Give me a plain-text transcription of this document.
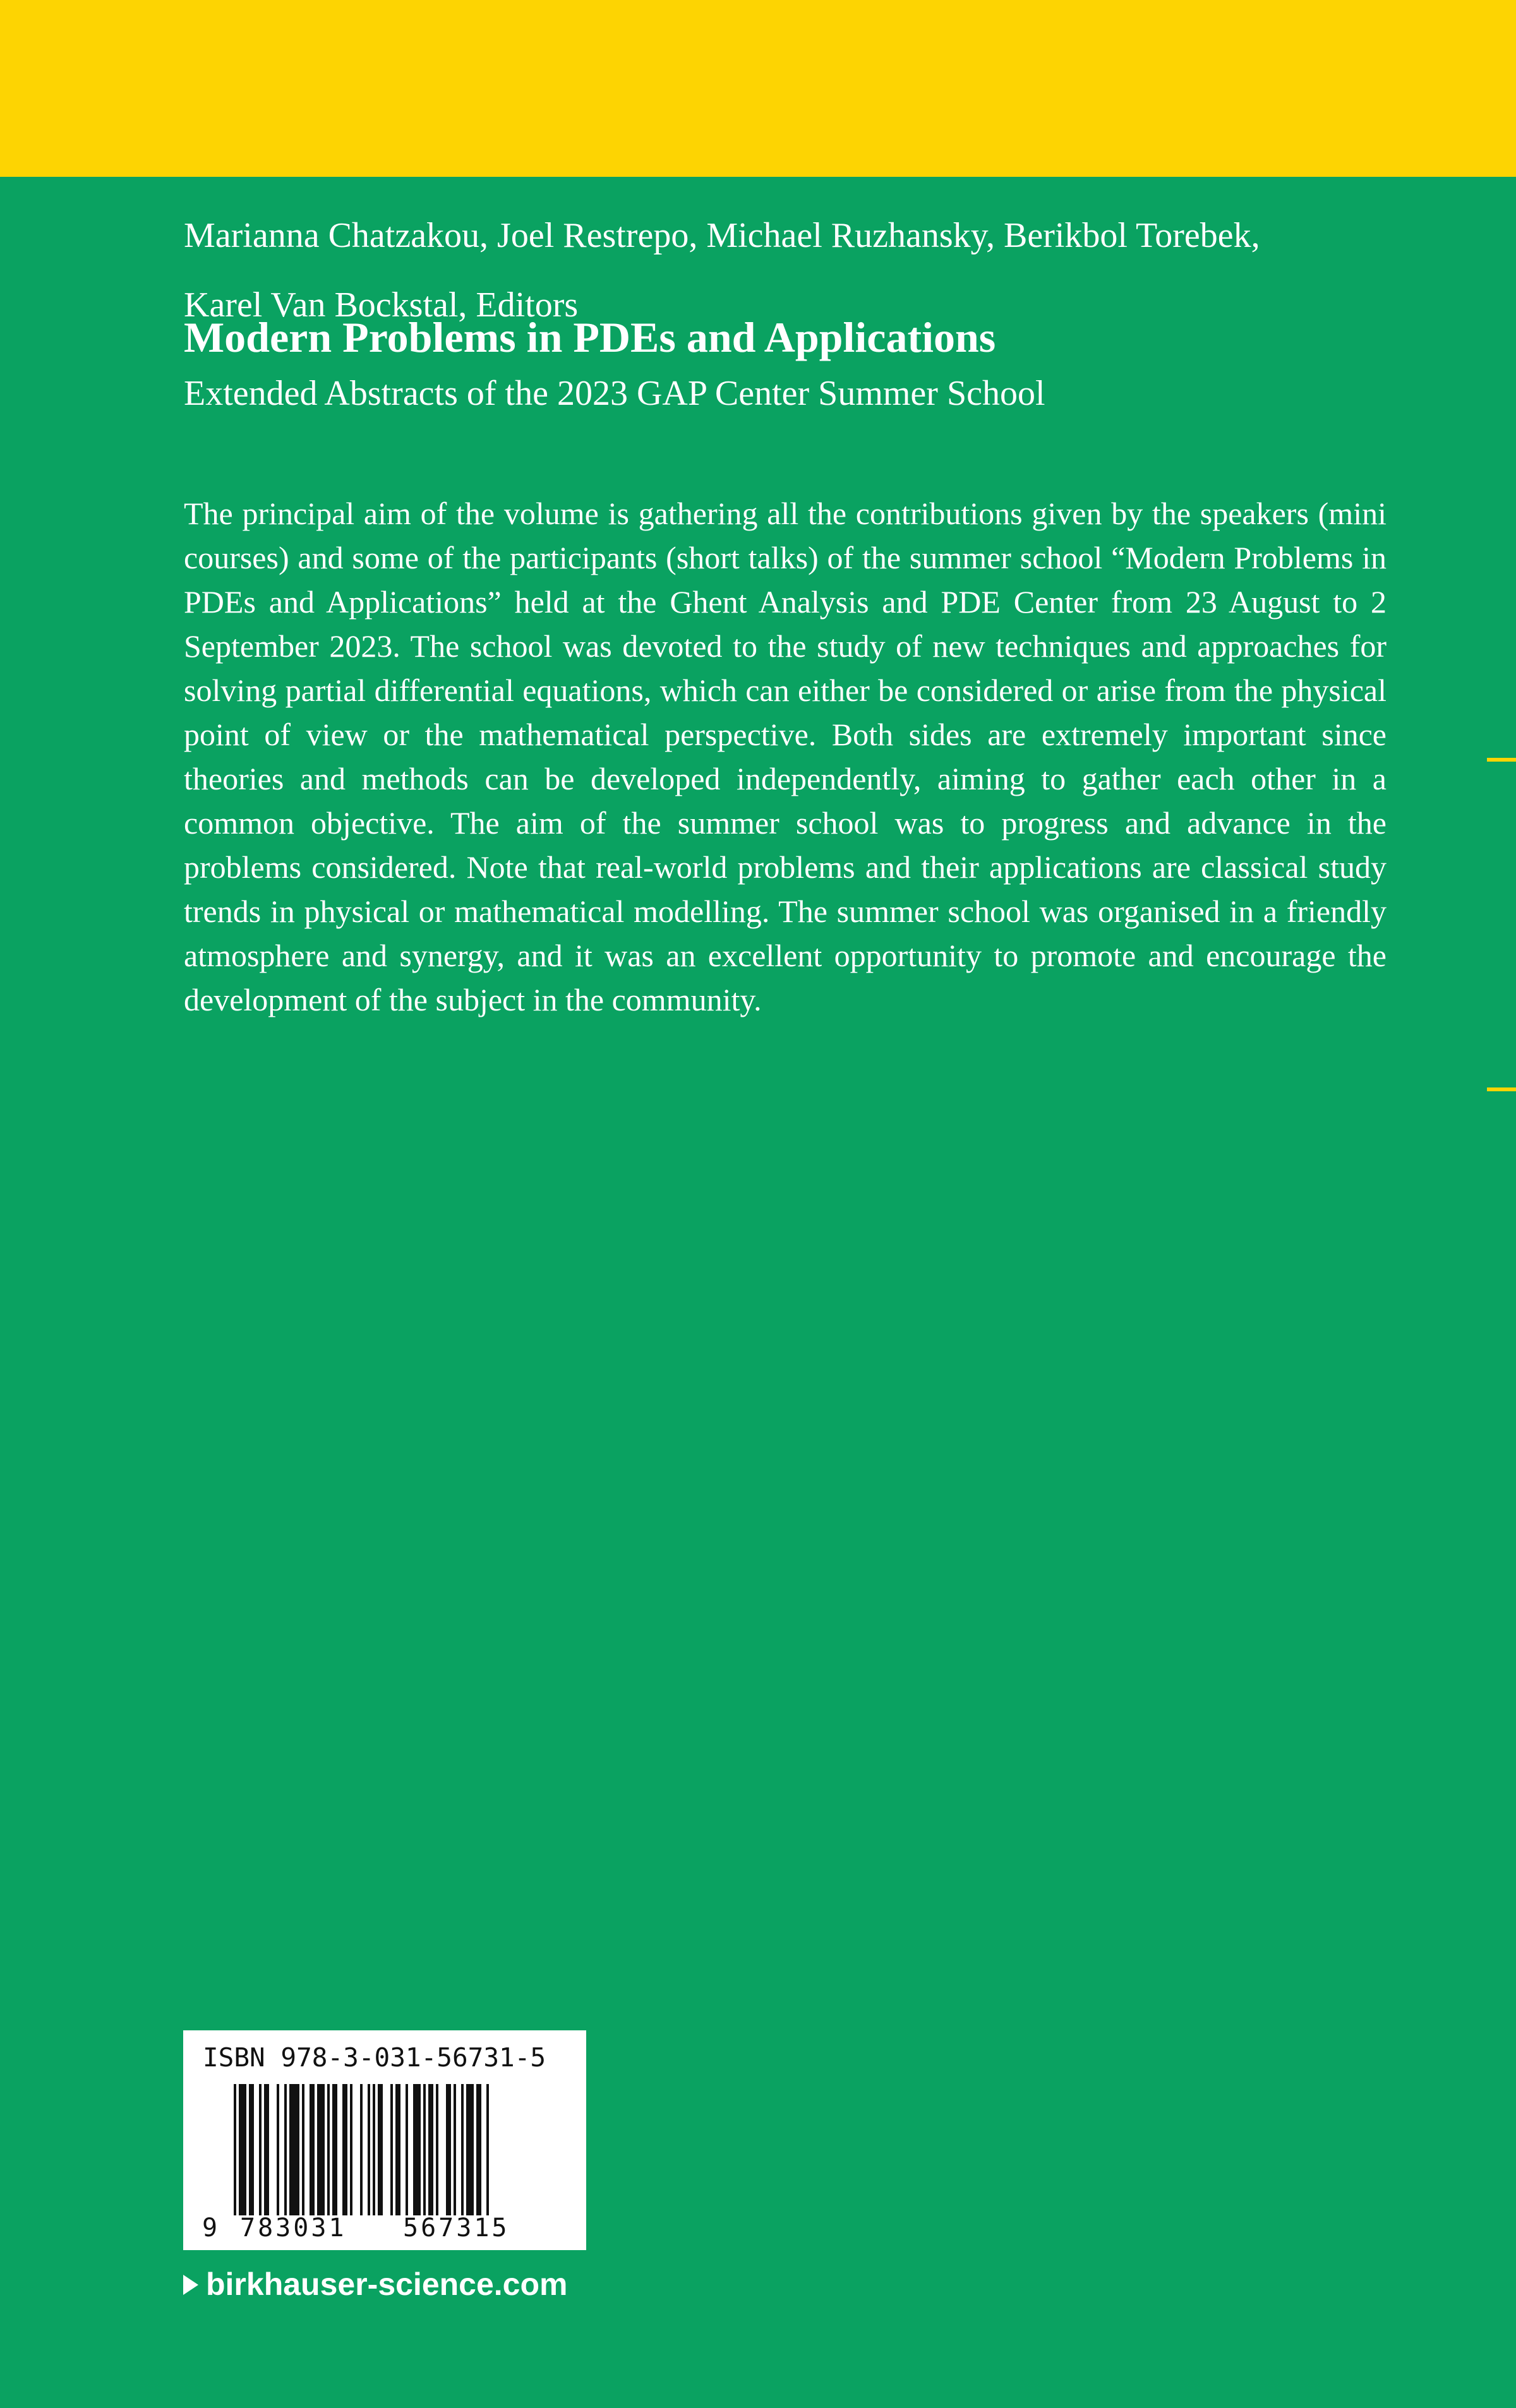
Marianna Chatzakou, Joel Restrepo, Michael Ruzhansky, Berikbol Torebek,
Karel Van Bockstal, Editors
Modern Problems in PDEs and Applications
Extended Abstracts of the 2023 GAP Center Summer School

The principal aim of the volume is gathering all the contributions given by the speakers (mini courses) and some of the participants (short talks) of the summer school “Modern Problems in PDEs and Applications” held at the Ghent Analysis and PDE Center from 23 August to 2 September 2023. The school was devoted to the study of new techniques and approaches for solving partial differential equations, which can either be considered or arise from the physical point of view or the mathematical perspective. Both sides are extremely important since theories and methods can be developed independently, aiming to gather each other in a common objective. The aim of the summer school was to progress and advance in the problems considered. Note that real-world problems and their applications are classical study trends in physical or mathematical modelling. The summer school was organised in a friendly atmosphere and synergy, and it was an excellent opportunity to promote and encourage the development of the subject in the community.

ISBN 978-3-031-56731-5
9 783031 567315
birkhauser-science.com
